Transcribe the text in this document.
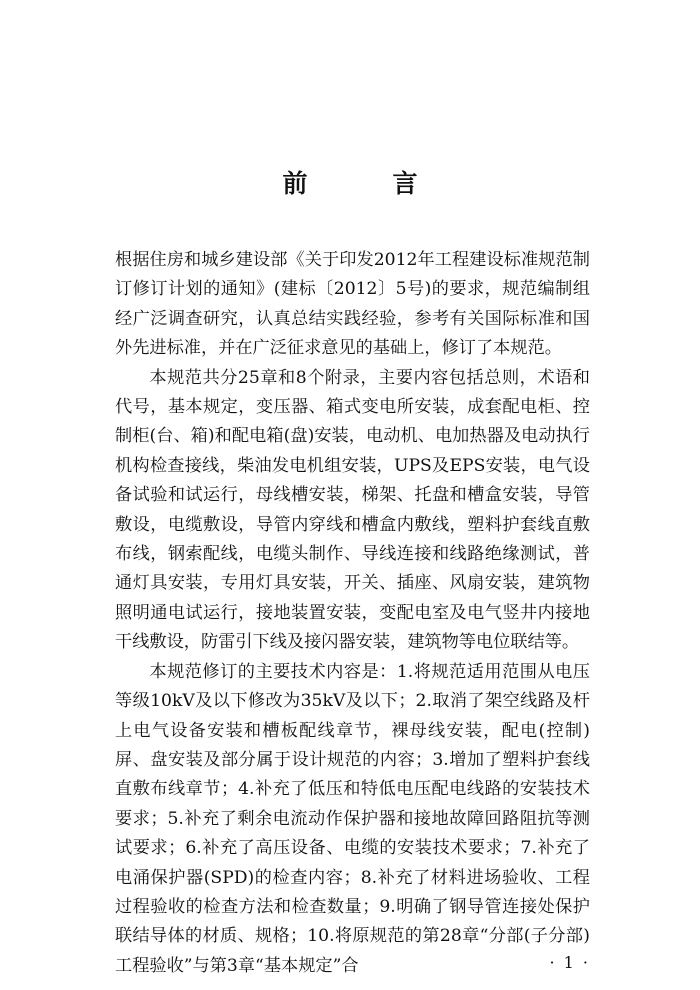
前　言

根据住房和城乡建设部《关于印发2012年工程建设标准规范制订修订计划的通知》(建标〔2012〕5号)的要求，规范编制组经广泛调查研究，认真总结实践经验，参考有关国际标准和国外先进标准，并在广泛征求意见的基础上，修订了本规范。

本规范共分25章和8个附录，主要内容包括总则，术语和代号，基本规定，变压器、箱式变电所安装，成套配电柜、控制柜(台、箱)和配电箱(盘)安装，电动机、电加热器及电动执行机构检查接线，柴油发电机组安装，UPS及EPS安装，电气设备试验和试运行，母线槽安装，梯架、托盘和槽盒安装，导管敷设，电缆敷设，导管内穿线和槽盒内敷线，塑料护套线直敷布线，钢索配线，电缆头制作、导线连接和线路绝缘测试，普通灯具安装，专用灯具安装，开关、插座、风扇安装，建筑物照明通电试运行，接地装置安装，变配电室及电气竖井内接地干线敷设，防雷引下线及接闪器安装，建筑物等电位联结等。

本规范修订的主要技术内容是：1.将规范适用范围从电压等级10kV及以下修改为35kV及以下；2.取消了架空线路及杆上电气设备安装和槽板配线章节，裸母线安装，配电(控制)屏、盘安装及部分属于设计规范的内容；3.增加了塑料护套线直敷布线章节；4.补充了低压和特低电压配电线路的安装技术要求；5.补充了剩余电流动作保护器和接地故障回路阻抗等测试要求；6.补充了高压设备、电缆的安装技术要求；7.补充了电涌保护器(SPD)的检查内容；8.补充了材料进场验收、工程过程验收的检查方法和检查数量；9.明确了钢导管连接处保护联结导体的材质、规格；10.将原规范的第28章“分部(子分部)工程验收”与第3章“基本规定”合	· 1 ·
